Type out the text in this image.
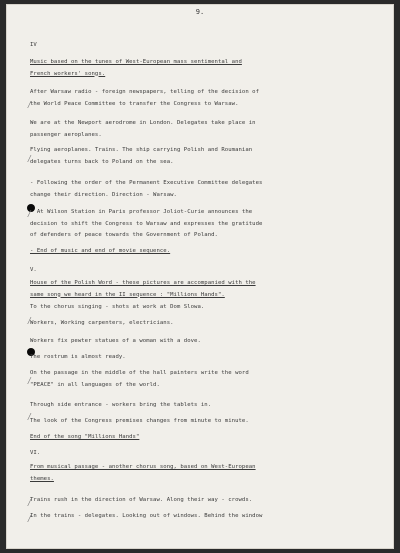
9.
/
/
/
/
/
/
/
/
IV
Music based on the tunes of West-European mass sentimental and
French workers' songs.
After Warsaw radio - foreign newspapers, telling of the decision of
the World Peace Committee to transfer the Congress to Warsaw.
We are at the Newport aerodrome in London. Delegates take place in
passenger aeroplanes.
Flying aeroplanes. Trains. The ship carrying Polish and Roumanian
delegates turns back to Poland on the sea.
- Following the order of the Permanent Executive Committee delegates
change their direction. Direction - Warsaw.
- At Wilson Station in Paris professor Joliot-Curie announces the
decision to shift the Congress to Warsaw and expresses the gratitude
of defenders of peace towards the Government of Poland.
- End of music and end of movie sequence.
V.
House of the Polish Word - these pictures are accompanied with the
same song we heard in the II sequence : "Millions Hands".
To the chorus singing - shots at work at Dom Slowa.
Workers, Working carpenters, electricians.
Workers fix pewter statues of a woman with a dove.
The rostrum is almost ready.
On the passage in the middle of the hall painters write the word
"PEACE" in all languages of the world.
Through side entrance - workers bring the tablets in.
The look of the Congress premises changes from minute to minute.
End of the song "Millions Hands"
VI.
From musical passage - another chorus song, based on West-European
themes.
Trains rush in the direction of Warsaw. Along their way - crowds.
In the trains - delegates. Looking out of windows. Behind the window
